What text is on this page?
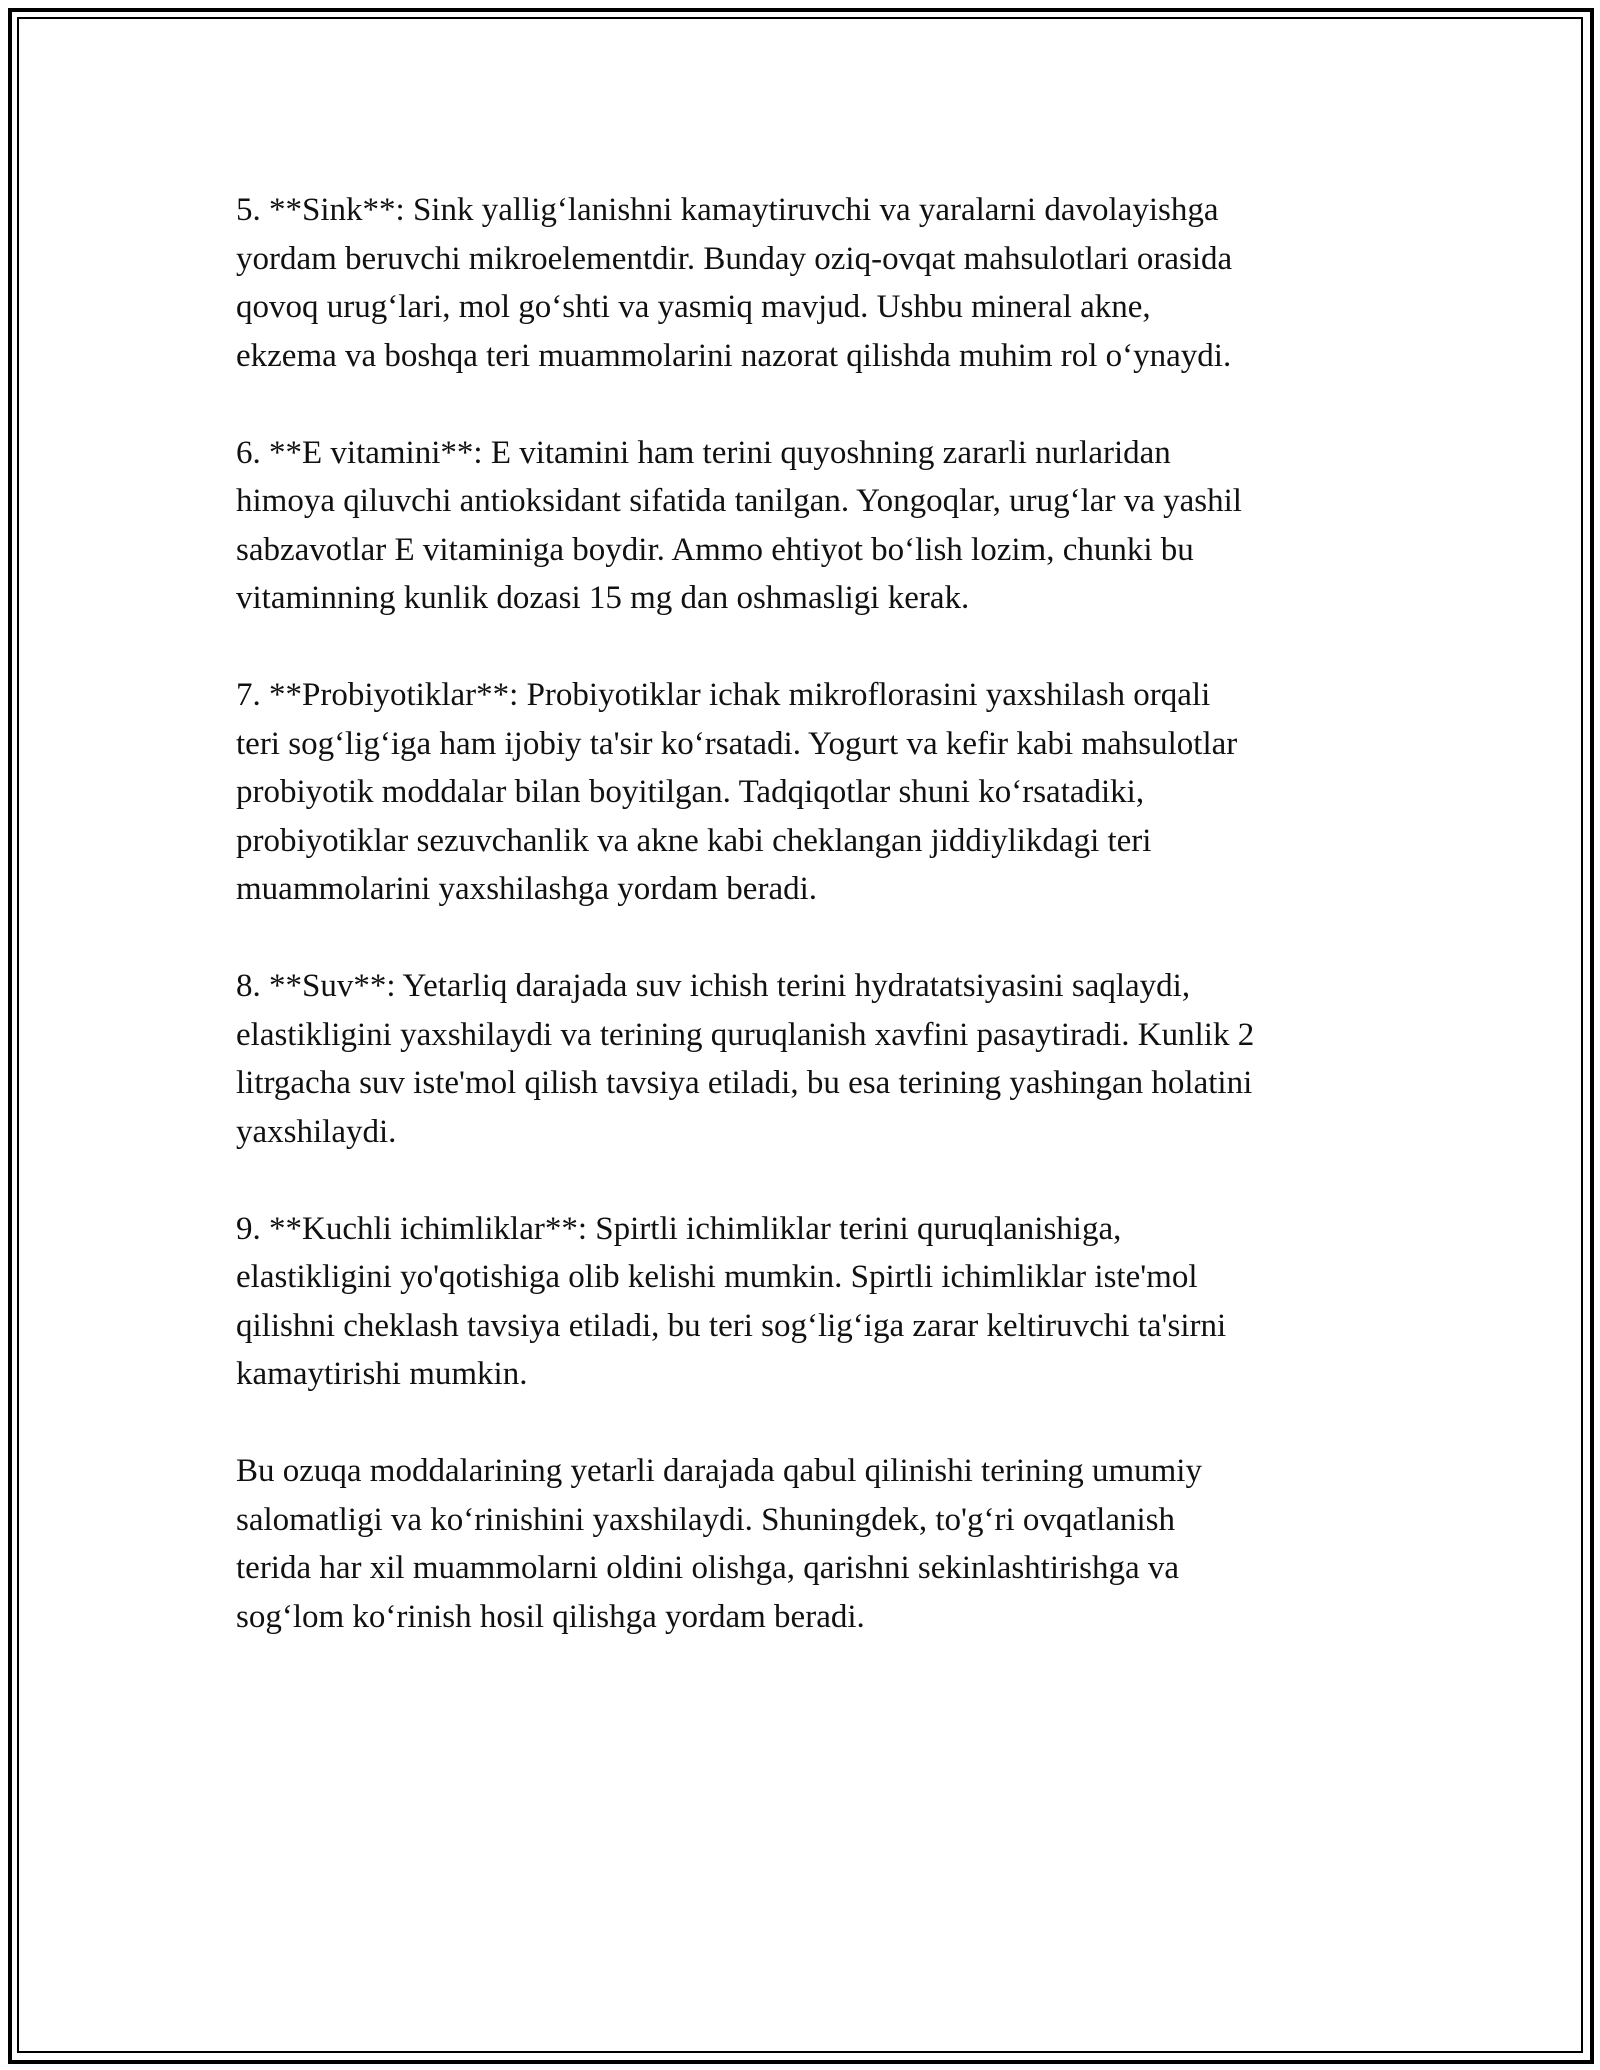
5. **Sink**: Sink yallig‘lanishni kamaytiruvchi va yaralarni davolayishga
yordam beruvchi mikroelementdir. Bunday oziq-ovqat mahsulotlari orasida
qovoq urug‘lari, mol go‘shti va yasmiq mavjud. Ushbu mineral akne,
ekzema va boshqa teri muammolarini nazorat qilishda muhim rol o‘ynaydi.

6. **E vitamini**: E vitamini ham terini quyoshning zararli nurlaridan
himoya qiluvchi antioksidant sifatida tanilgan. Yongoqlar, urug‘lar va yashil
sabzavotlar E vitaminiga boydir. Ammo ehtiyot bo‘lish lozim, chunki bu
vitaminning kunlik dozasi 15 mg dan oshmasligi kerak.

7. **Probiyotiklar**: Probiyotiklar ichak mikroflorasini yaxshilash orqali
teri sog‘lig‘iga ham ijobiy ta'sir ko‘rsatadi. Yogurt va kefir kabi mahsulotlar
probiyotik moddalar bilan boyitilgan. Tadqiqotlar shuni ko‘rsatadiki,
probiyotiklar sezuvchanlik va akne kabi cheklangan jiddiylikdagi teri
muammolarini yaxshilashga yordam beradi.

8. **Suv**: Yetarliq darajada suv ichish terini hydratatsiyasini saqlaydi,
elastikligini yaxshilaydi va terining quruqlanish xavfini pasaytiradi. Kunlik 2
litrgacha suv iste'mol qilish tavsiya etiladi, bu esa terining yashingan holatini
yaxshilaydi.

9. **Kuchli ichimliklar**: Spirtli ichimliklar terini quruqlanishiga,
elastikligini yo'qotishiga olib kelishi mumkin. Spirtli ichimliklar iste'mol
qilishni cheklash tavsiya etiladi, bu teri sog‘lig‘iga zarar keltiruvchi ta'sirni
kamaytirishi mumkin.

Bu ozuqa moddalarining yetarli darajada qabul qilinishi terining umumiy
salomatligi va ko‘rinishini yaxshilaydi. Shuningdek, to'g‘ri ovqatlanish
terida har xil muammolarni oldini olishga, qarishni sekinlashtirishga va
sog‘lom ko‘rinish hosil qilishga yordam beradi.
